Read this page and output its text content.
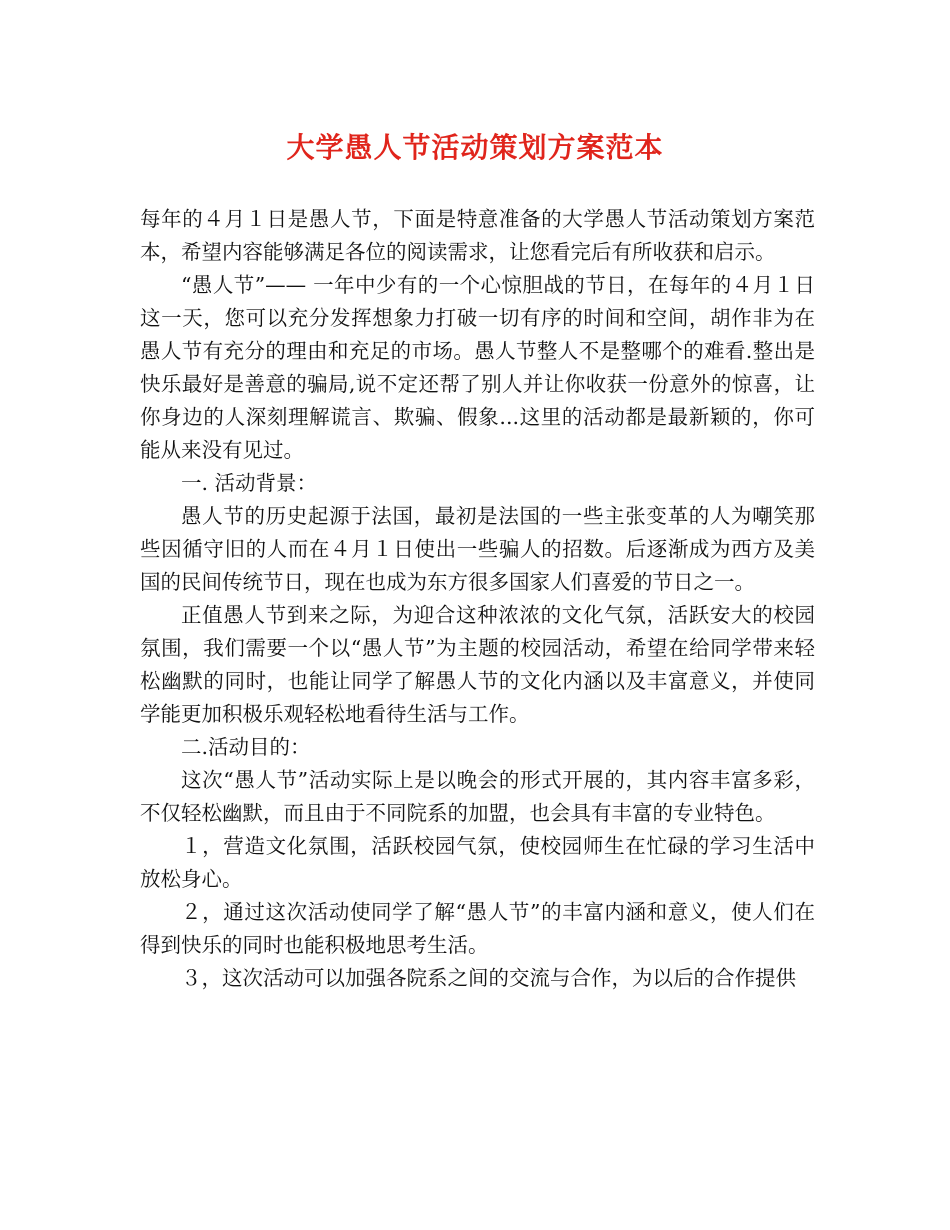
大学愚人节活动策划方案范本

每年的４月１日是愚人节，下面是特意准备的大学愚人节活动策划方案范本，希望内容能够满足各位的阅读需求，让您看完后有所收获和启示。

“愚人节”—— 一年中少有的一个心惊胆战的节日，在每年的４月１日这一天，您可以充分发挥想象力打破一切有序的时间和空间，胡作非为在愚人节有充分的理由和充足的市场。愚人节整人不是整哪个的难看.整出是快乐最好是善意的骗局,说不定还帮了别人并让你收获一份意外的惊喜，让你身边的人深刻理解谎言、欺骗、假象...这里的活动都是最新颖的，你可能从来没有见过。

一. 活动背景：

愚人节的历史起源于法国，最初是法国的一些主张变革的人为嘲笑那些因循守旧的人而在４月１日使出一些骗人的招数。后逐渐成为西方及美国的民间传统节日，现在也成为东方很多国家人们喜爱的节日之一。

正值愚人节到来之际，为迎合这种浓浓的文化气氛，活跃安大的校园氛围，我们需要一个以“愚人节”为主题的校园活动，希望在给同学带来轻松幽默的同时，也能让同学了解愚人节的文化内涵以及丰富意义，并使同学能更加积极乐观轻松地看待生活与工作。

二.活动目的：

这次“愚人节”活动实际上是以晚会的形式开展的，其内容丰富多彩，不仅轻松幽默，而且由于不同院系的加盟，也会具有丰富的专业特色。

１，营造文化氛围，活跃校园气氛，使校园师生在忙碌的学习生活中放松身心。

２，通过这次活动使同学了解“愚人节”的丰富内涵和意义，使人们在得到快乐的同时也能积极地思考生活。

３，这次活动可以加强各院系之间的交流与合作，为以后的合作提供
